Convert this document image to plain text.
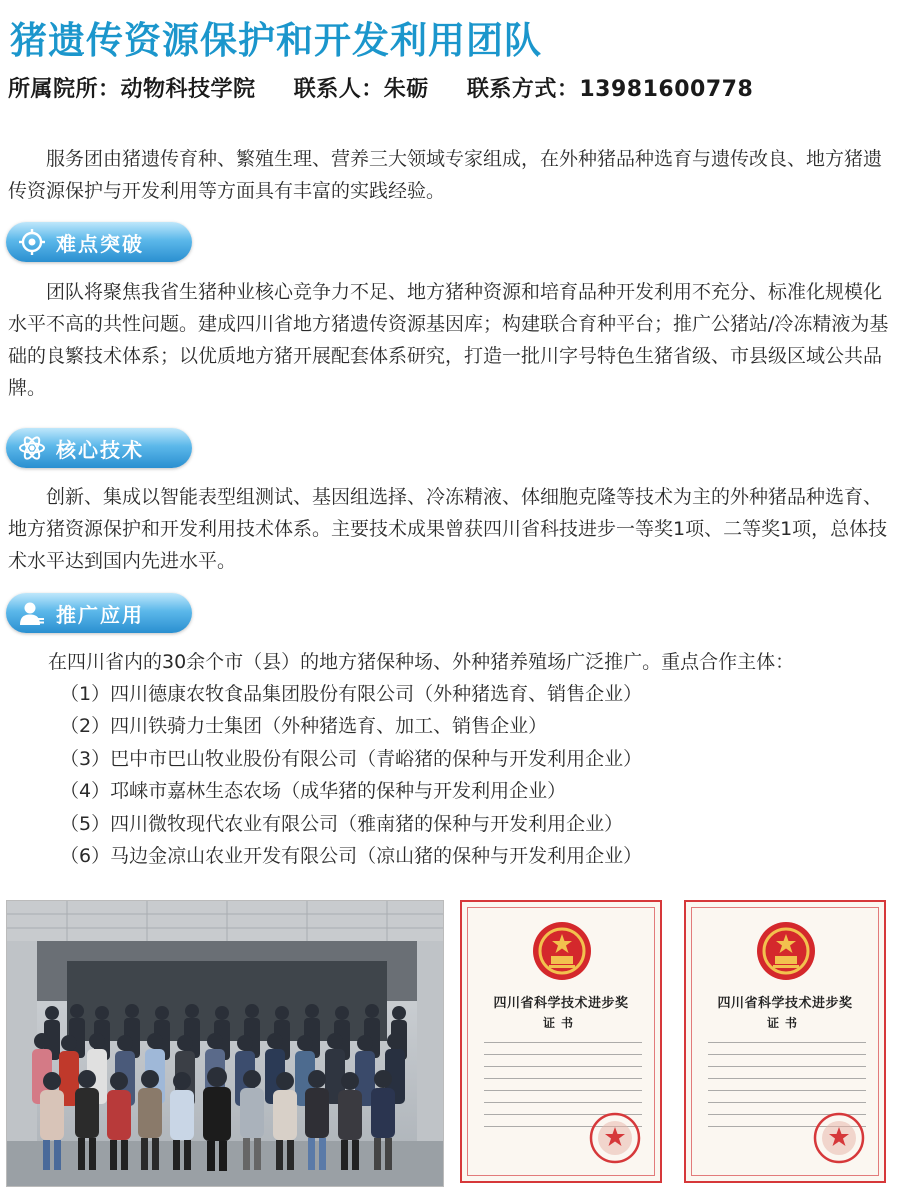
猪遗传资源保护和开发利用团队
所属院所：动物科技学院 联系人：朱砺 联系方式：13981600778

服务团由猪遗传育种、繁殖生理、营养三大领域专家组成，在外种猪品种选育与遗传改良、地方猪遗传资源保护与开发利用等方面具有丰富的实践经验。

难点突破

团队将聚焦我省生猪种业核心竞争力不足、地方猪种资源和培育品种开发利用不充分、标准化规模化水平不高的共性问题。建成四川省地方猪遗传资源基因库；构建联合育种平台；推广公猪站/冷冻精液为基础的良繁技术体系；以优质地方猪开展配套体系研究，打造一批川字号特色生猪省级、市县级区域公共品牌。

核心技术

创新、集成以智能表型组测试、基因组选择、冷冻精液、体细胞克隆等技术为主的外种猪品种选育、地方猪资源保护和开发利用技术体系。主要技术成果曾获四川省科技进步一等奖1项、二等奖1项，总体技术水平达到国内先进水平。

推广应用
在四川省内的30余个市（县）的地方猪保种场、外种猪养殖场广泛推广。重点合作主体：
（1）四川德康农牧食品集团股份有限公司（外种猪选育、销售企业）
（2）四川铁骑力士集团（外种猪选育、加工、销售企业）
（3）巴中市巴山牧业股份有限公司（青峪猪的保种与开发利用企业）
（4）邛崃市嘉林生态农场（成华猪的保种与开发利用企业）
（5）四川微牧现代农业有限公司（雅南猪的保种与开发利用企业）
（6）马边金凉山农业开发有限公司（凉山猪的保种与开发利用企业）
四川省科学技术进步奖
证书
四川省科学技术进步奖
证书
